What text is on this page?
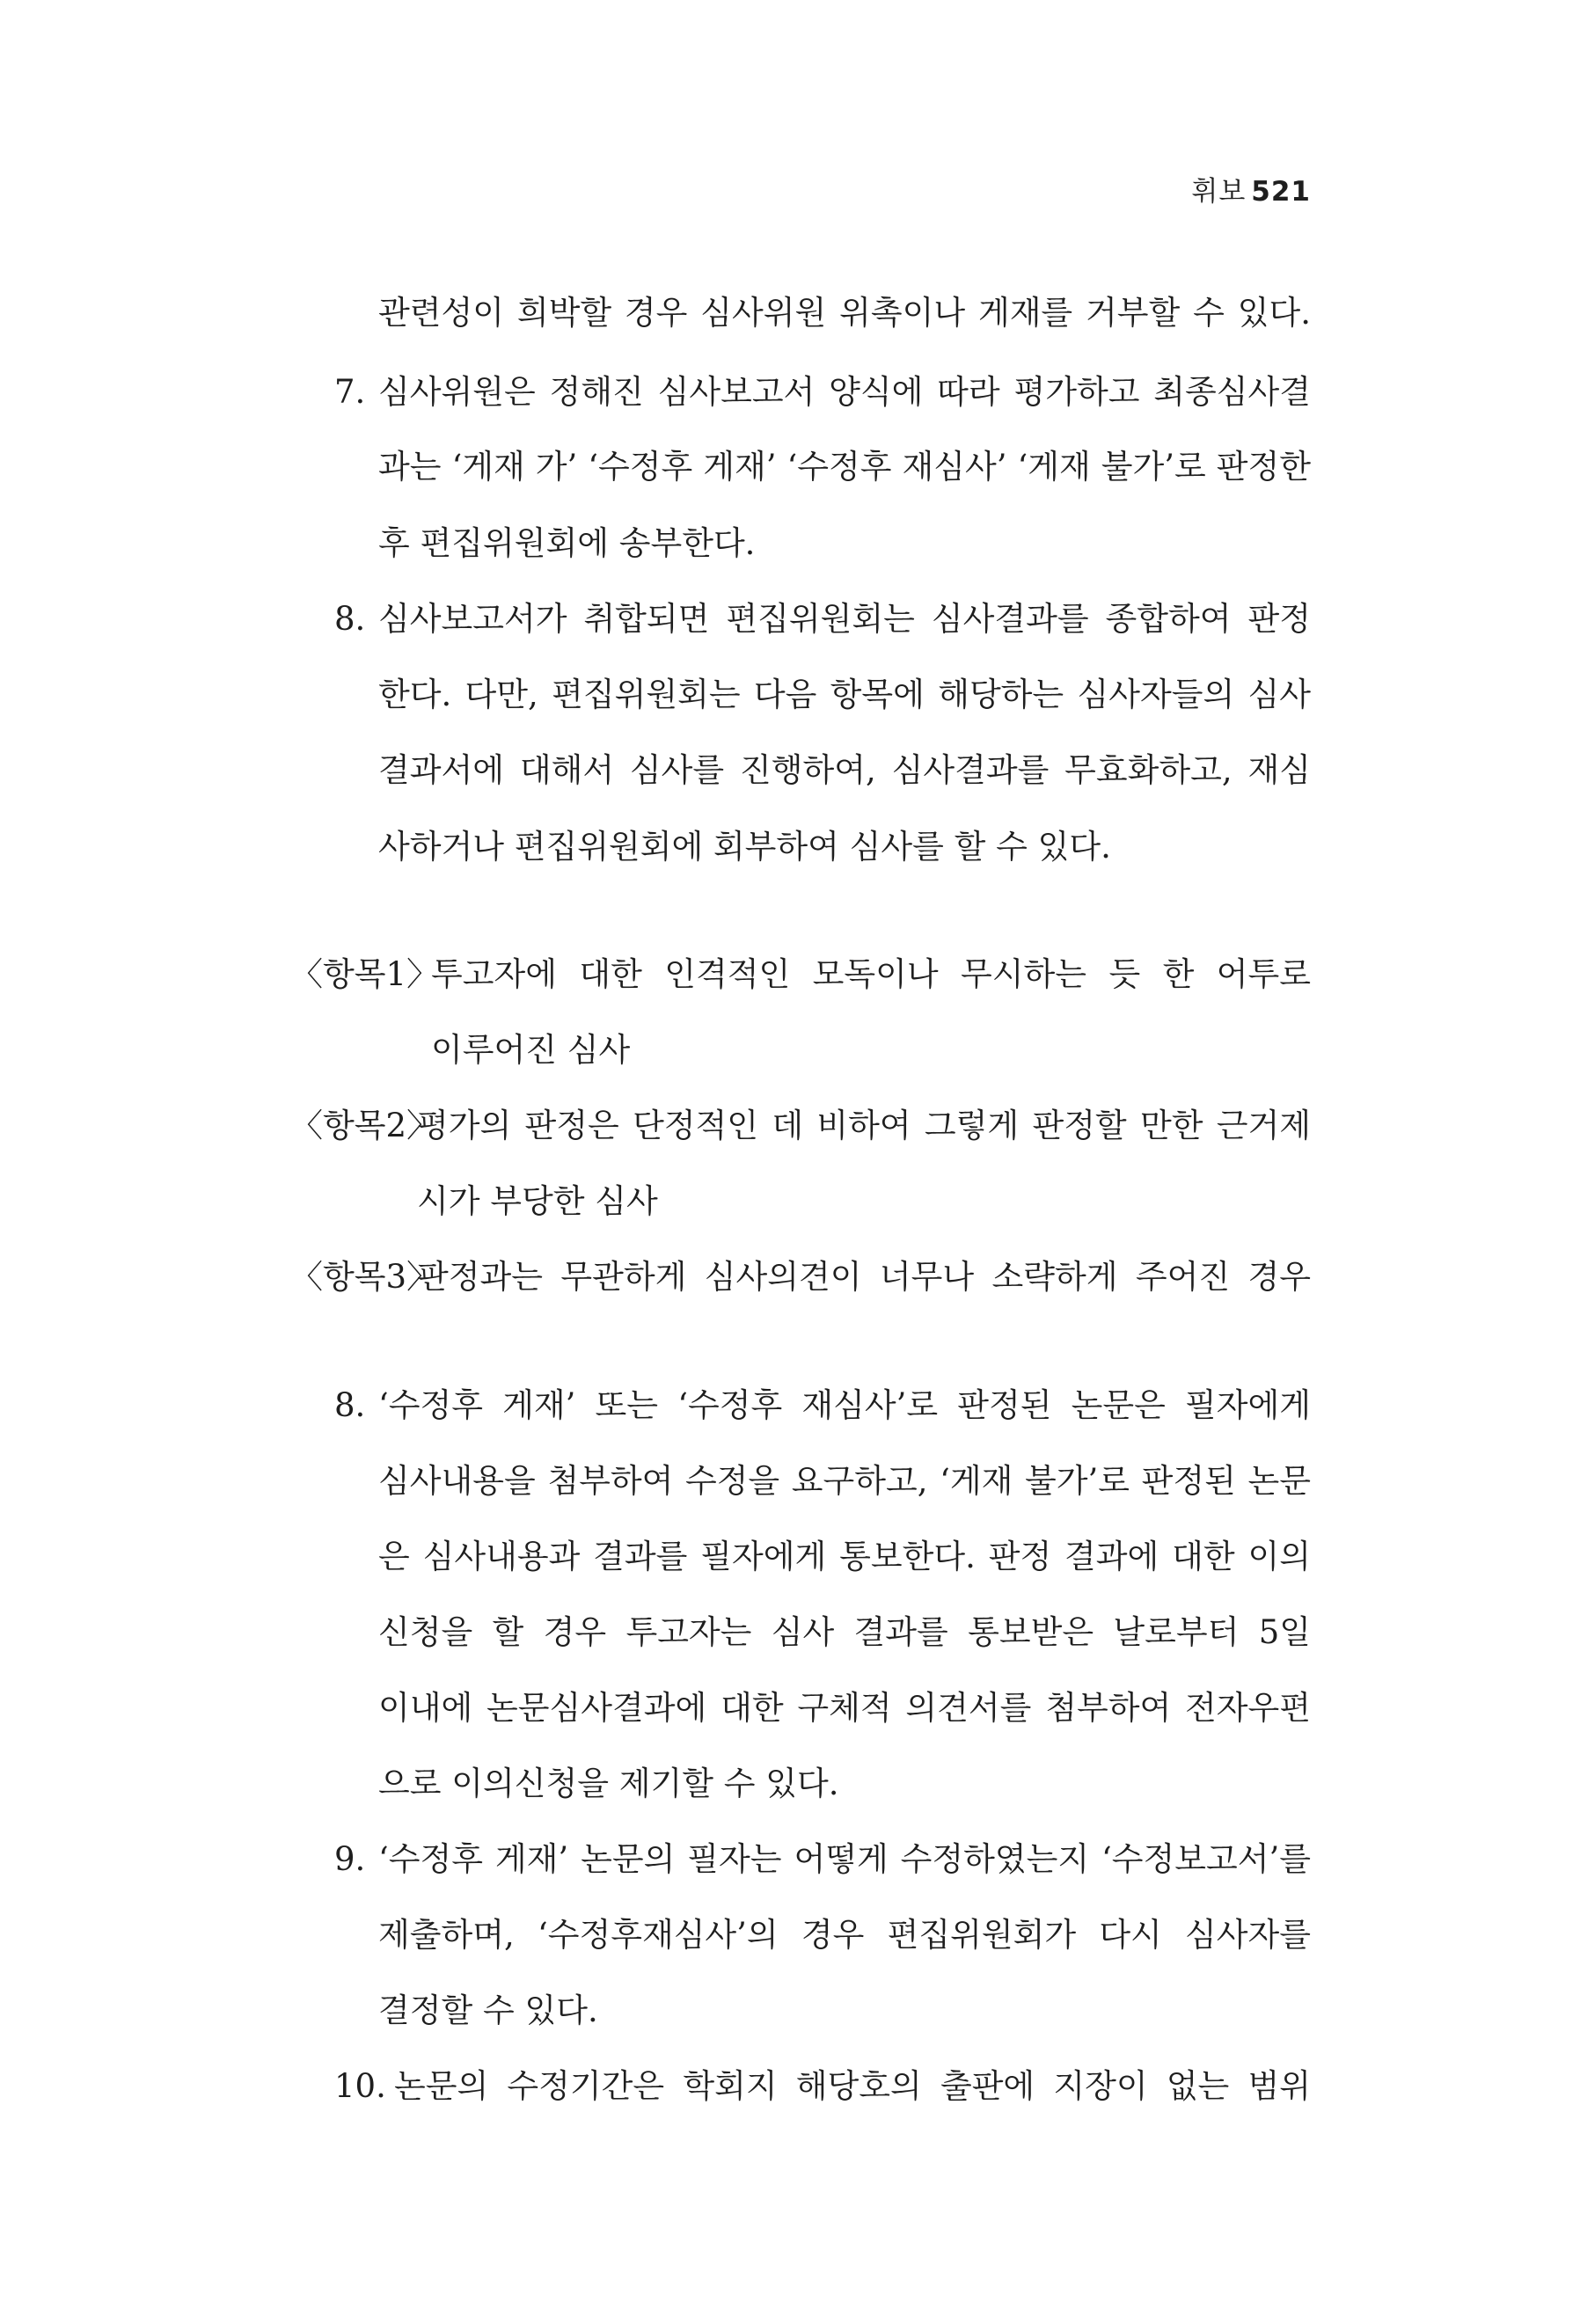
휘보 521
관련성이 희박할 경우 심사위원 위촉이나 게재를 거부할 수 있다.
7. 심사위원은 정해진 심사보고서 양식에 따라 평가하고 최종심사결
과는 ‘게재 가’ ‘수정후 게재’ ‘수정후 재심사’ ‘게재 불가’로 판정한
후 편집위원회에 송부한다.
8. 심사보고서가 취합되면 편집위원회는 심사결과를 종합하여 판정
한다. 다만, 편집위원회는 다음 항목에 해당하는 심사자들의 심사
결과서에 대해서 심사를 진행하여, 심사결과를 무효화하고, 재심
사하거나 편집위원회에 회부하여 심사를 할 수 있다.
〈항목1〉
투고자에 대한 인격적인 모독이나 무시하는 듯 한 어투로
이루어진 심사
〈항목2〉
평가의 판정은 단정적인 데 비하여 그렇게 판정할 만한 근거제
시가 부당한 심사
〈항목3〉
판정과는 무관하게 심사의견이 너무나 소략하게 주어진 경우
8. ‘수정후 게재’ 또는 ‘수정후 재심사’로 판정된 논문은 필자에게
심사내용을 첨부하여 수정을 요구하고, ‘게재 불가’로 판정된 논문
은 심사내용과 결과를 필자에게 통보한다. 판정 결과에 대한 이의
신청을 할 경우 투고자는 심사 결과를 통보받은 날로부터 5일
이내에 논문심사결과에 대한 구체적 의견서를 첨부하여 전자우편
으로 이의신청을 제기할 수 있다.
9. ‘수정후 게재’ 논문의 필자는 어떻게 수정하였는지 ‘수정보고서’를
제출하며, ‘수정후재심사’의 경우 편집위원회가 다시 심사자를
결정할 수 있다.
10. 논문의 수정기간은 학회지 해당호의 출판에 지장이 없는 범위
